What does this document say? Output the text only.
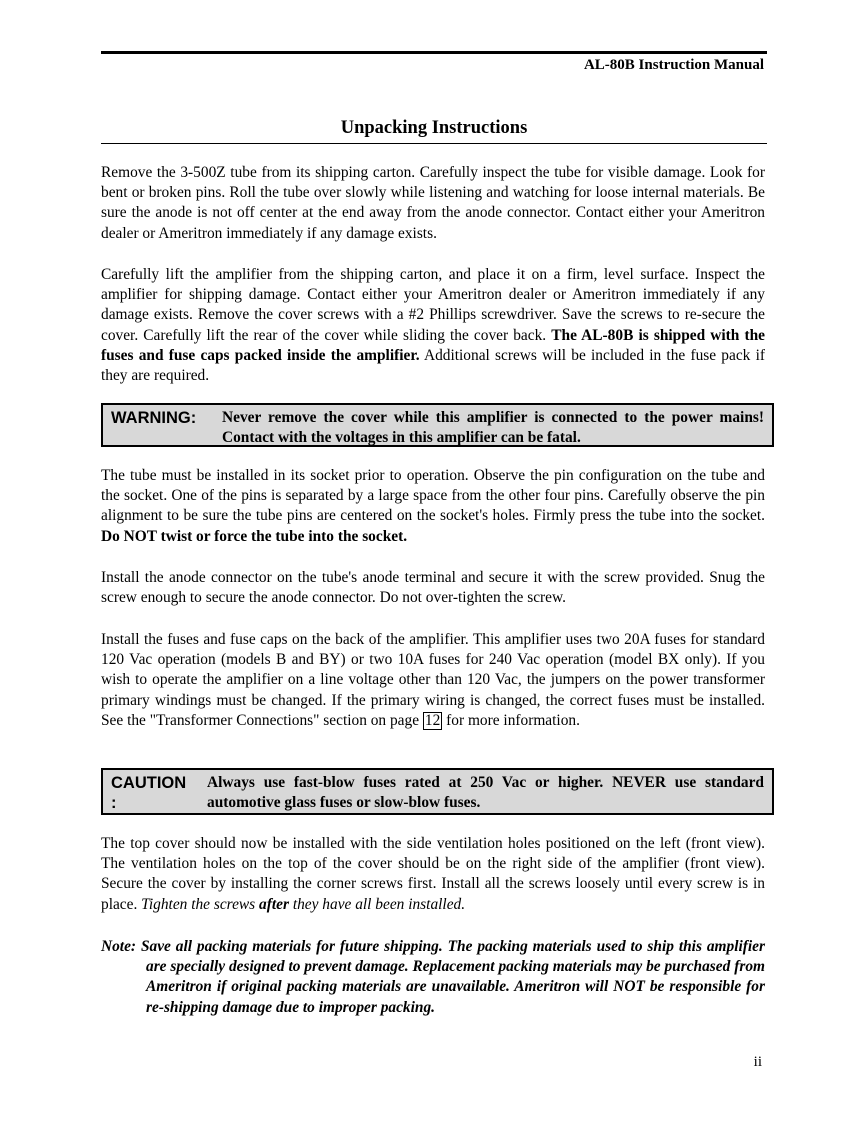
AL-80B Instruction Manual
Unpacking Instructions

Remove the 3-500Z tube from its shipping carton. Carefully inspect the tube for visible damage. Look for bent or broken pins. Roll the tube over slowly while listening and watching for loose internal materials. Be sure the anode is not off center at the end away from the anode connector. Contact either your Ameritron dealer or Ameritron immediately if any damage exists.

Carefully lift the amplifier from the shipping carton, and place it on a firm, level surface. Inspect the amplifier for shipping damage. Contact either your Ameritron dealer or Ameritron immediately if any damage exists. Remove the cover screws with a #2 Phillips screwdriver. Save the screws to re-secure the cover. Carefully lift the rear of the cover while sliding the cover back. The AL-80B is shipped with the fuses and fuse caps packed inside the amplifier. Additional screws will be included in the fuse pack if they are required.

WARNING:	Never remove the cover while this amplifier is connected to the power mains! Contact with the voltages in this amplifier can be fatal.

The tube must be installed in its socket prior to operation. Observe the pin configuration on the tube and the socket. One of the pins is separated by a large space from the other four pins. Carefully observe the pin alignment to be sure the tube pins are centered on the socket's holes. Firmly press the tube into the socket. Do NOT twist or force the tube into the socket.

Install the anode connector on the tube's anode terminal and secure it with the screw provided. Snug the screw enough to secure the anode connector. Do not over-tighten the screw.

Install the fuses and fuse caps on the back of the amplifier. This amplifier uses two 20A fuses for standard 120 Vac operation (models B and BY) or two 10A fuses for 240 Vac operation (model BX only). If you wish to operate the amplifier on a line voltage other than 120 Vac, the jumpers on the power transformer primary windings must be changed. If the primary wiring is changed, the correct fuses must be installed. See the "Transformer Connections" section on page 12 for more information.

CAUTION
:
Always use fast-blow fuses rated at 250 Vac or higher. NEVER use standard automotive glass fuses or slow-blow fuses.

The top cover should now be installed with the side ventilation holes positioned on the left (front view). The ventilation holes on the top of the cover should be on the right side of the amplifier (front view). Secure the cover by installing the corner screws first. Install all the screws loosely until every screw is in place. Tighten the screws after they have all been installed.

Note: Save all packing materials for future shipping. The packing materials used to ship this amplifier are specially designed to prevent damage. Replacement packing materials may be purchased from Ameritron if original packing materials are unavailable. Ameritron will NOT be responsible for re-shipping damage due to improper packing.

ii
